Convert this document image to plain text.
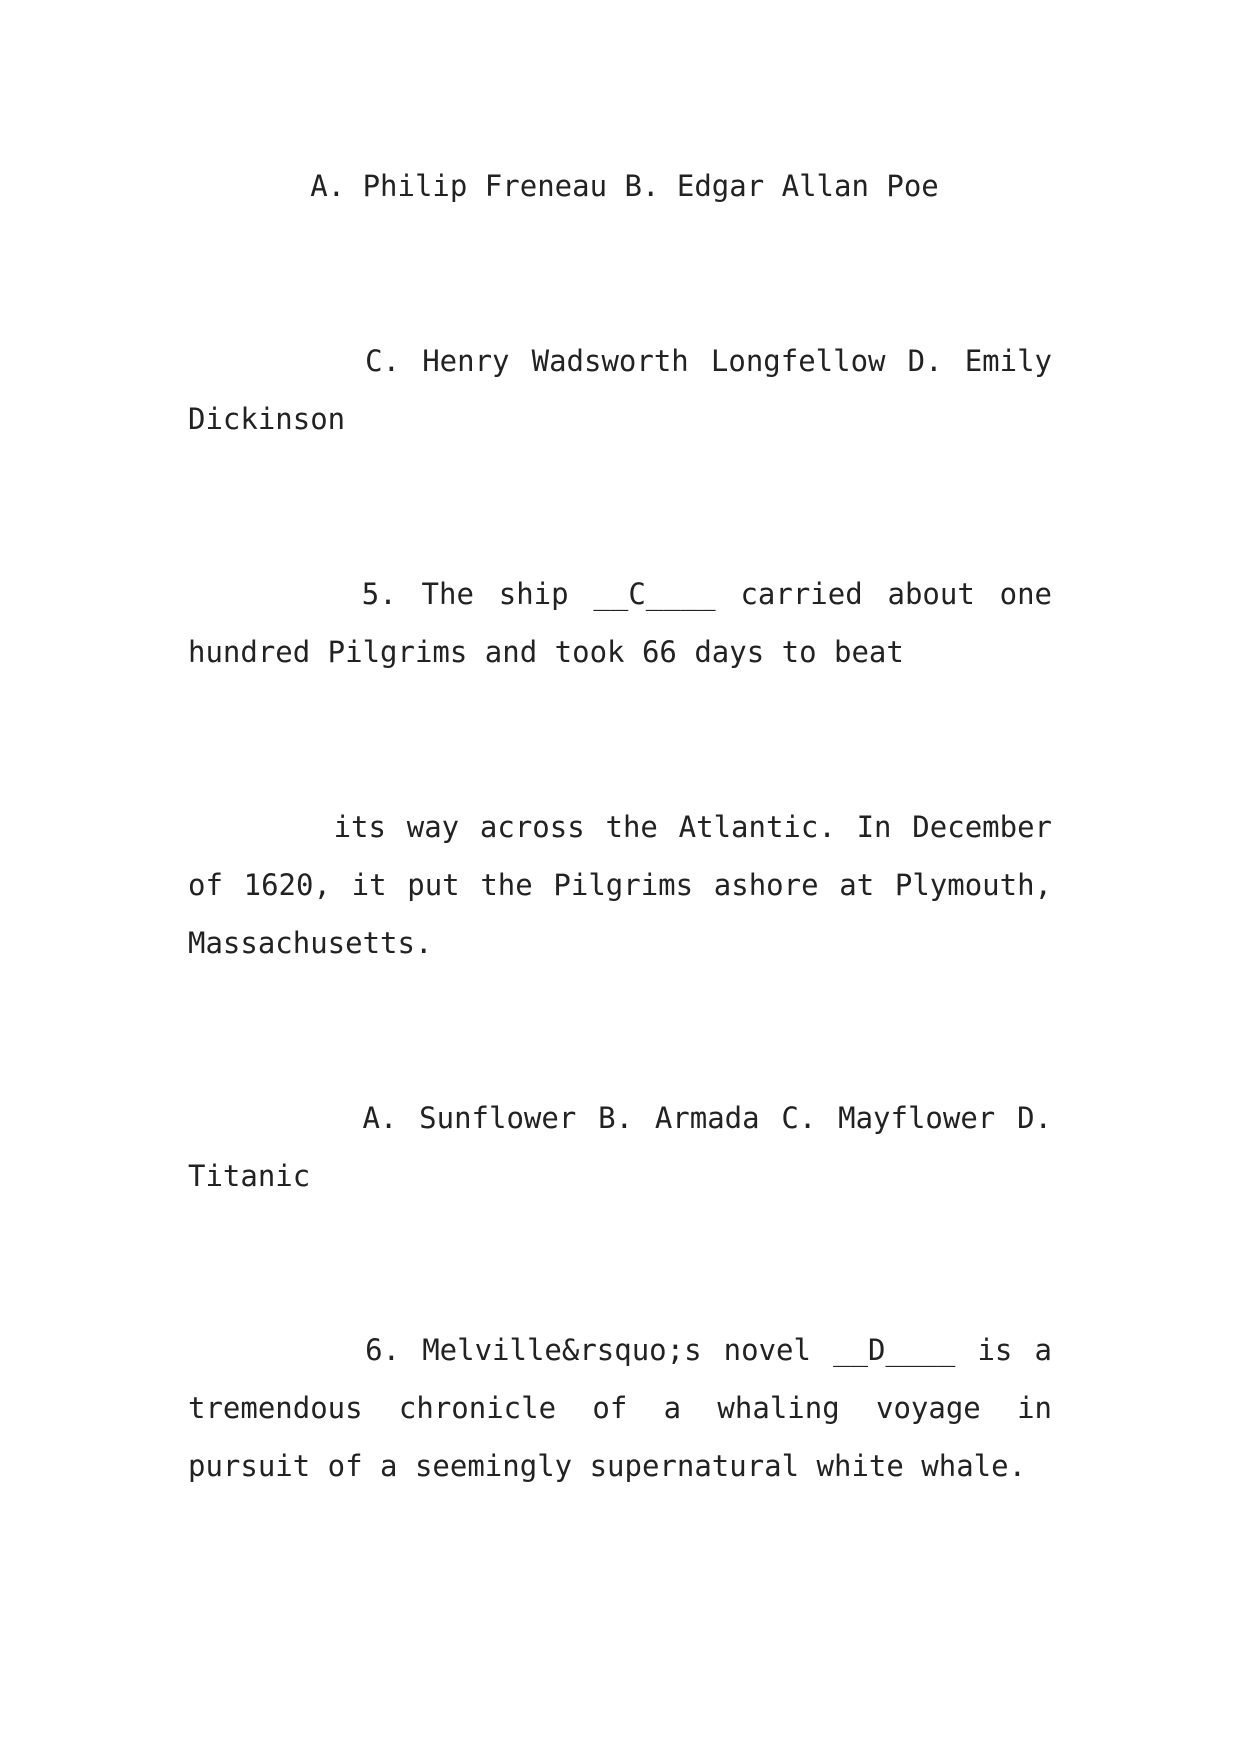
A. Philip Freneau B. Edgar Allan Poe

C. Henry Wadsworth Longfellow D. Emily Dickinson

5. The ship __C____ carried about one hundred Pilgrims and took 66 days to beat

its way across the Atlantic. In December of 1620, it put the Pilgrims ashore at Plymouth, Massachusetts.

A. Sunflower B. Armada C. Mayflower D. Titanic

6. Melville&rsquo;s novel __D____ is a tremendous chronicle of a whaling voyage in pursuit of a seemingly supernatural white whale.
